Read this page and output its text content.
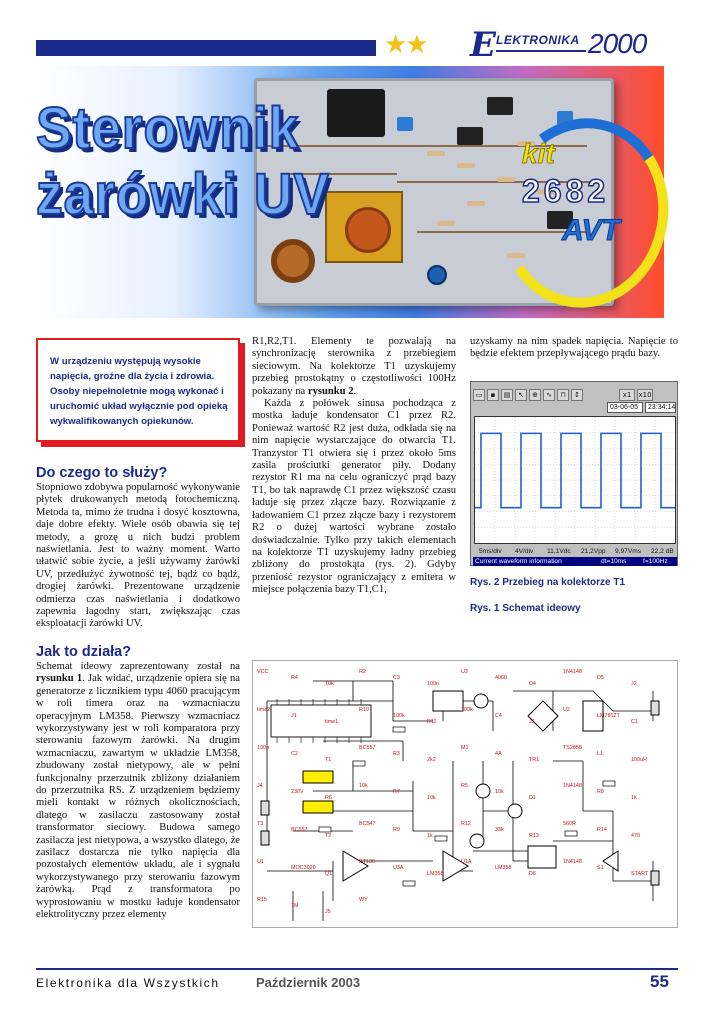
★★ E LEKTRONIKA 2000
Sterownik
żarówki UV
kit
2682
AVT
W urządzeniu występują wysokie napięcia, groźne dla życia i zdrowia. Osoby niepełnoletnie mogą wykonać i uruchomić układ wyłącznie pod opieką wykwalifikowanych opiekunów.
Do czego to służy?

Stopniowo zdobywa popularność wykonywanie płytek drukowanych metodą fotochemiczną. Metoda ta, mimo że trudna i dosyć kosztowna, daje dobre efekty. Wiele osób obawia się tej metody, a grozę u nich budzi problem naświetlania. Jest to ważny moment. Warto ułatwić sobie życie, a jeśli używamy żarówki UV, przedłużyć żywotność tej, bądź co bądź, drogiej żarówki. Prezentowane urządzenie odmierza czas naświetlania i dodatkowo zapewnia łagodny start, zwiększając czas eksploatacji żarówki UV.

Jak to działa?

Schemat ideowy zaprezentowany został na rysunku 1. Jak widać, urządzenie opiera się na generatorze z licznikiem typu 4060 pracującym w roli timera oraz na wzmacniaczu operacyjnym LM358. Pierwszy wzmacniacz wykorzystywany jest w roli komparatora przy sterowaniu fazowym żarówki. Na drugim wzmacniaczu, zawartym w układzie LM358, zbudowany został nietypowy, ale w pełni funkcjonalny przerzutnik zbliżony działaniem do przerzutnika RS. Z urządzeniem będziemy mieli kontakt w różnych okolicznościach, dlatego w zasilaczu zastosowany został transformator sieciowy. Budowa samego zasilacza jest nietypowa, a wszystko dlatego, że zasilacz dostarcza nie tylko napięcia dla pozostałych elementów układu, ale i sygnału wykorzystywanego przy sterowaniu fazowym żarówką. Prąd z transformatora po wyprostowaniu w mostku ładuje kondensator elektrolityczny przez elementy

R1,R2,T1. Elementy te pozwalają na synchronizację sterownika z przebiegiem sieciowym. Na kolektorze T1 uzyskujemy przebieg prostokątny o częstotliwości 100Hz pokazany na rysunku 2.

Każda z połówek sinusa pochodząca z mostka ładuje kondensator C1 przez R2. Ponieważ wartość R2 jest duża, odkłada się na nim napięcie wystarczające do otwarcia T1. Tranzystor T1 otwiera się i przez około 5ms zasila prościutki generator piły. Dodany rezystor R1 ma na celu ograniczyć prąd bazy T1, bo tak naprawdę C1 przez większość czasu ładuje się przez złącze bazy. Rozwiązanie z ładowaniem C1 przez złącze bazy i rezystorem R2 o dużej wartości wybrane zostało doświadczalnie. Tylko przy takich elementach na kolektorze T1 uzyskujemy ładny przebieg zbliżony do prostokąta (rys. 2). Gdyby przeniość rezystor ograniczający z emitera w miejsce połączenia bazy T1,C1,

uzyskamy na nim spadek napięcia. Napięcie to będzie efektem przepływającego prądu bazy.

▭ ▪ ▤ ↖ ⊕ ∿ ⊓ ↕	x1 x10
03-06-05	23:34:14
5ms/div 4V/div 11,1Vdc 21,2Vpp 9,97Vms 22,2 dB
Current waveform information	dt=10ms	f=100Hz
Rys. 2 Przebieg na kolektorze T1
Rys. 1 Schemat ideowy
VCC
R4
10k
R2
C3
100n
U3
4060
D4
1N4148
D5
J2
time2
J1
time1
R10
100k
R11
100k
C4
J3
U2
LM7812T
C1
100n
C2
T1
BC557
R3
2k2
M1
4A
TR1
TS2858
L1
100uH
J4
230V
R6
10k
R7
10k
R5
10k
D1
1N4148
R8
1k
T3
BC557
T2
BC547
R9
1k
R12
33k
R13
560R
R14
470
U1
MOC3020
Q1
BT136
U3A
LM358
U1A
LM358
D6
1N4148
S1
START
R15
1M
J5
WY
Elektronika dla Wszystkich	Październik 2003	55
